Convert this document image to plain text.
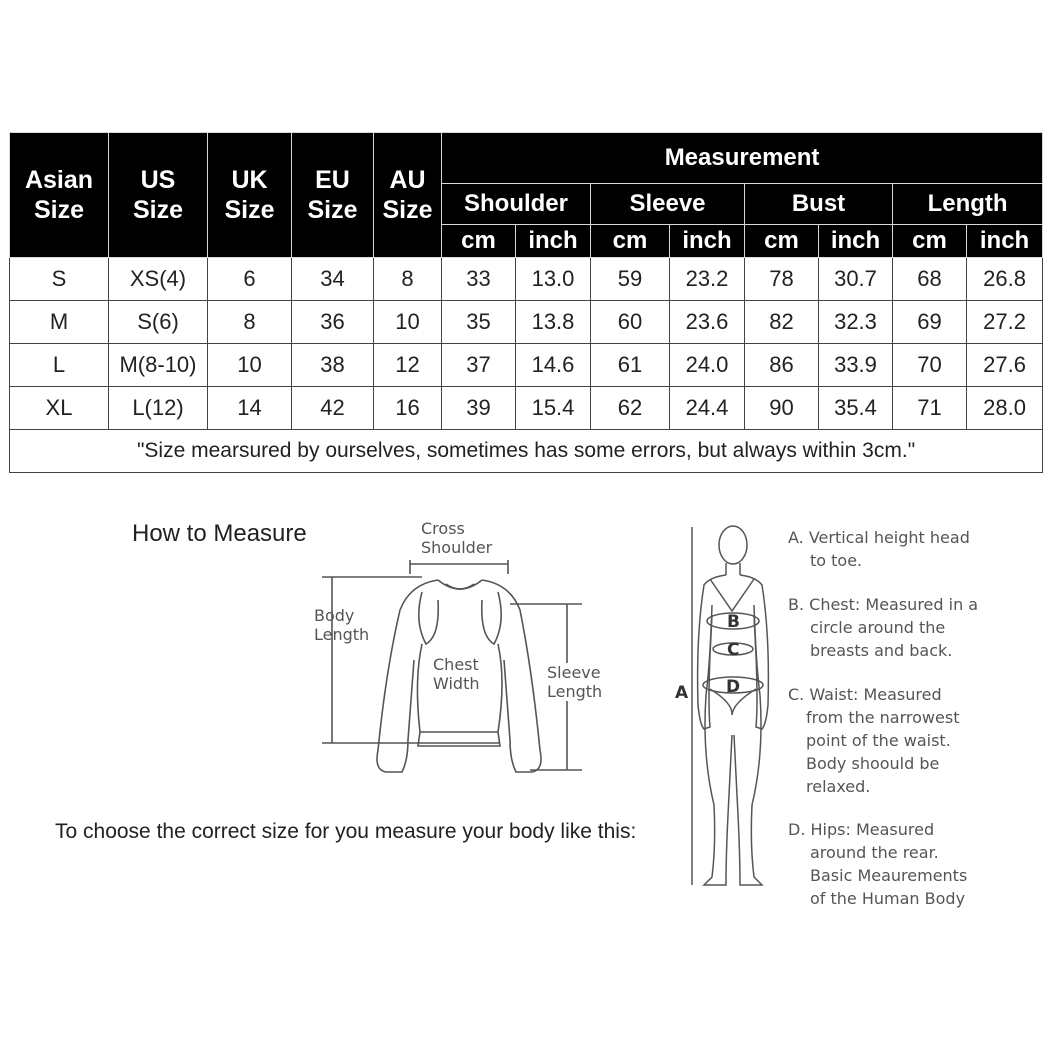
Asian
Size	US
Size	UK
Size	EU
Size	AU
Size	Measurement							
					Shoulder		Sleeve		Bust		Length	
					cm	inch	cm	inch	cm	inch	cm	inch
S	XS(4)	6	34	8	33	13.0	59	23.2	78	30.7	68	26.8
M	S(6)	8	36	10	35	13.8	60	23.6	82	32.3	69	27.2
L	M(8-10)	10	38	12	37	14.6	61	24.0	86	33.9	70	27.6
XL	L(12)	14	42	16	39	15.4	62	24.4	90	35.4	71	28.0
"Size mearsured by ourselves, sometimes has some errors, but always within 3cm."												
How to Measure	Cross
Shoulder
Body
Length
Chest
Width
Sleeve
Length
To choose the correct size for you measure your body like this:
A
B
C
D
A. Vertical height head
to toe.
B. Chest: Measured in a
circle around the
breasts and back.
C. Waist: Measured
from the narrowest
point of the waist.
Body shoould be
relaxed.
D. Hips: Measured
around the rear.
Basic Meaurements
of the Human Body
